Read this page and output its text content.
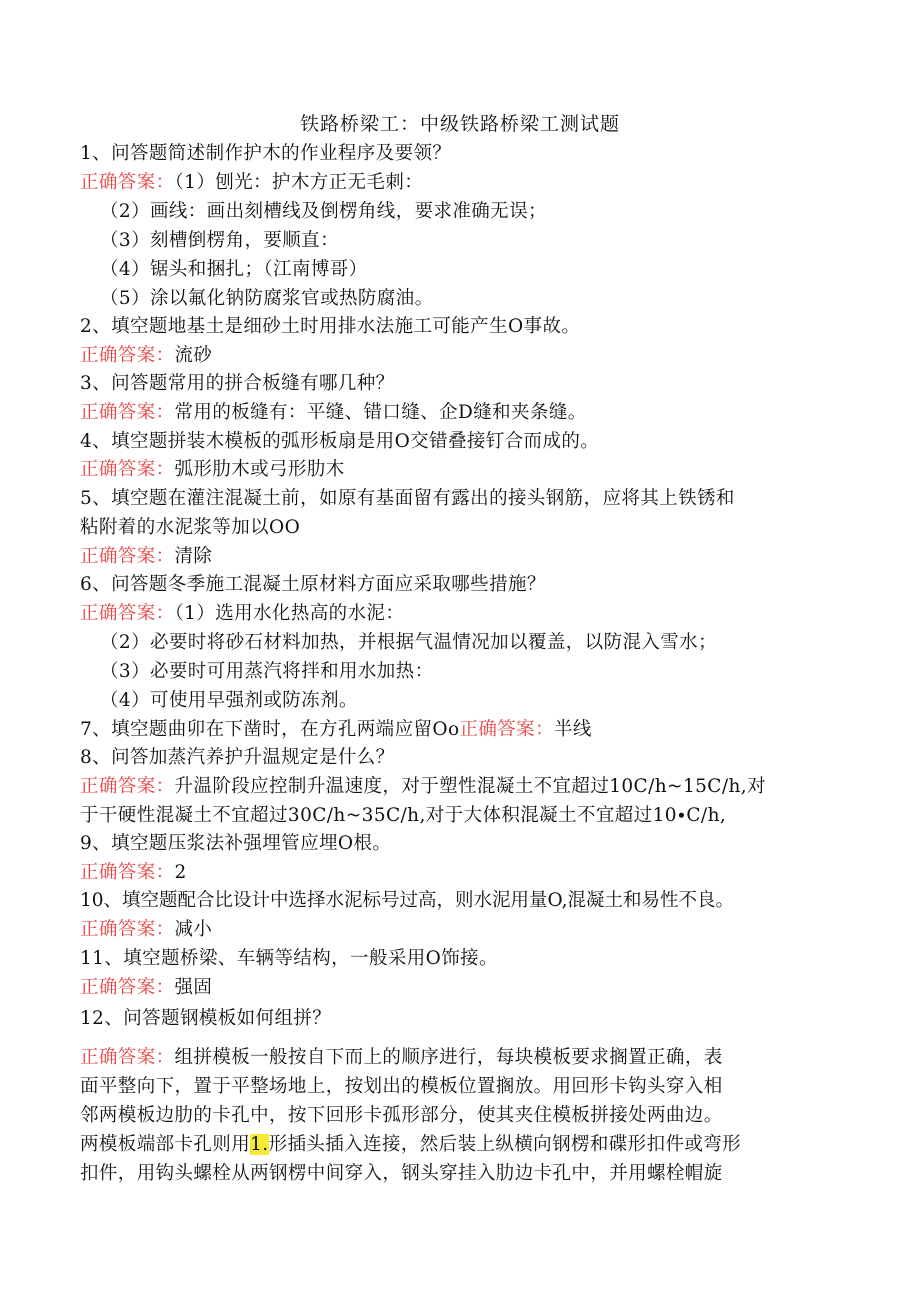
铁路桥梁工：中级铁路桥梁工测试题
1、问答题简述制作护木的作业程序及要领？
正确答案：（1）刨光：护木方正无毛刺：
（2）画线：画出刻槽线及倒楞角线，要求准确无误；
（3）刻槽倒楞角，要顺直：
（4）锯头和捆扎；（江南博哥）
（5）涂以氟化钠防腐浆官或热防腐油。
2、填空题地基土是细砂土时用排水法施工可能产生O事故。
正确答案：流砂
3、问答题常用的拼合板缝有哪几种？
正确答案：常用的板缝有：平缝、错口缝、企D缝和夹条缝。
4、填空题拼装木模板的弧形板扇是用O交错叠接钉合而成的。
正确答案：弧形肋木或弓形肋木
5、填空题在灌注混凝土前，如原有基面留有露出的接头钢筋，应将其上铁锈和
粘附着的水泥浆等加以OO
正确答案：清除
6、问答题冬季施工混凝土原材料方面应采取哪些措施？
正确答案：（1）选用水化热高的水泥：
（2）必要时将砂石材料加热，并根据气温情况加以覆盖，以防混入雪水；
（3）必要时可用蒸汽将拌和用水加热：
（4）可使用早强剂或防冻剂。
7、填空题曲卯在下凿时，在方孔两端应留Oo正确答案：半线
8、问答加蒸汽养护升温规定是什么？
正确答案：升温阶段应控制升温速度，对于塑性混凝土不宜超过10C/h~15C/h,对
于干硬性混凝土不宜超过30C/h~35C/h,对于大体积混凝土不宜超过10∙C/h,
9、填空题压浆法补强埋管应埋O根。
正确答案：2
10、填空题配合比设计中选择水泥标号过高，则水泥用量O,混凝土和易性不良。
正确答案：减小
11、填空题桥梁、车辆等结构，一般采用O饰接。
正确答案：强固
12、问答题钢模板如何组拼？
正确答案：组拼模板一般按自下而上的顺序进行，每块模板要求搁置正确，表
面平整向下，置于平整场地上，按划出的模板位置搁放。用回形卡钩头穿入相
邻两模板边肋的卡孔中，按下回形卡孤形部分，使其夹住模板拼接处两曲边。
两模板端部卡孔则用1.形插头插入连接，然后装上纵横向钢楞和碟形扣件或弯形
扣件，用钩头螺栓从两钢楞中间穿入，钢头穿挂入肋边卡孔中，并用螺栓帽旋
